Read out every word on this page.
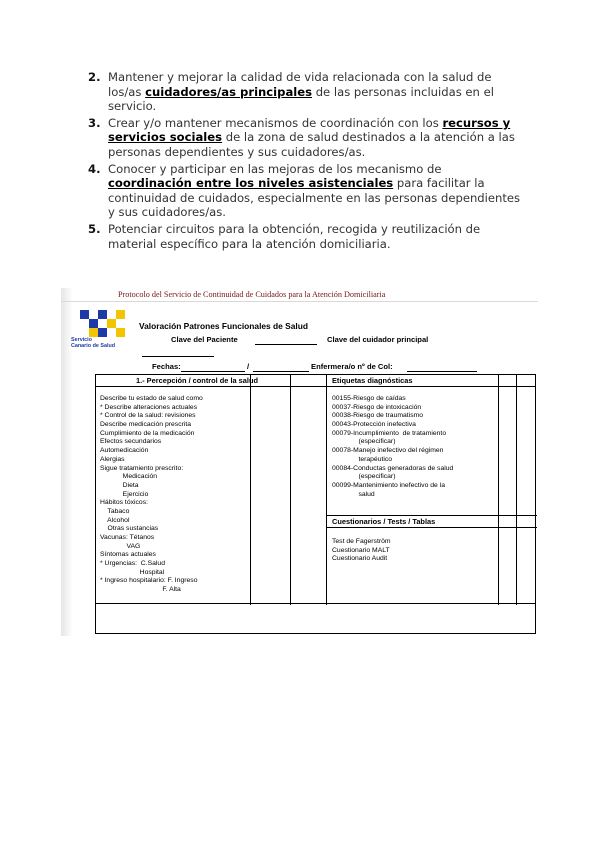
2. Mantener y mejorar la calidad de vida relacionada con la salud de los/as cuidadores/as principales de las personas incluidas en el servicio.
3. Crear y/o mantener mecanismos de coordinación con los recursos y servicios sociales de la zona de salud destinados a la atención a las personas dependientes y sus cuidadores/as.
4. Conocer y participar en las mejoras de los mecanismo de coordinación entre los niveles asistenciales para facilitar la continuidad de cuidados, especialmente en las personas dependientes y sus cuidadores/as.
5. Potenciar circuitos para la obtención, recogida y reutilización de material específico para la atención domiciliaria.
Protocolo del Servicio de Continuidad de Cuidados para la Atención Domiciliaria
Servicio
Canario de Salud
Valoración Patrones Funcionales de Salud
Clave del Paciente	Clave del cuidador principal
Fechas:	/	Enfermera/o nº de Col:
1.- Percepción / control de la salud	Etiquetas diagnósticas
Describe tu estado de salud como
* Describe alteraciones actuales
* Control de la salud: revisiones
Describe medicación prescrita
Cumplimiento de la medicación
Efectos secundarios
Automedicación
Alergias
Sigue tratamiento prescrito:
Medicación
Dieta
Ejercicio
Hábitos tóxicos:
Tabaco
Alcohol
Otras sustancias
Vacunas: Tétanos
VAG
Síntomas actuales
* Urgencias:  C.Salud
Hospital
* Ingreso hospitalario: F. Ingreso
F. Alta
00155-Riesgo de caídas
00037-Riesgo de intoxicación
00038-Riesgo de traumatismo
00043-Protección inefectiva
00079-Incumplimiento  de tratamiento
(especificar)
00078-Manejo inefectivo del régimen
terapéutico
00084-Conductas generadoras de salud
(especificar)
00099-Mantenimiento inefectivo de la
salud
Cuestionarios / Tests / Tablas
Test de Fagerström
Cuestionario MALT
Cuestionario Audit
